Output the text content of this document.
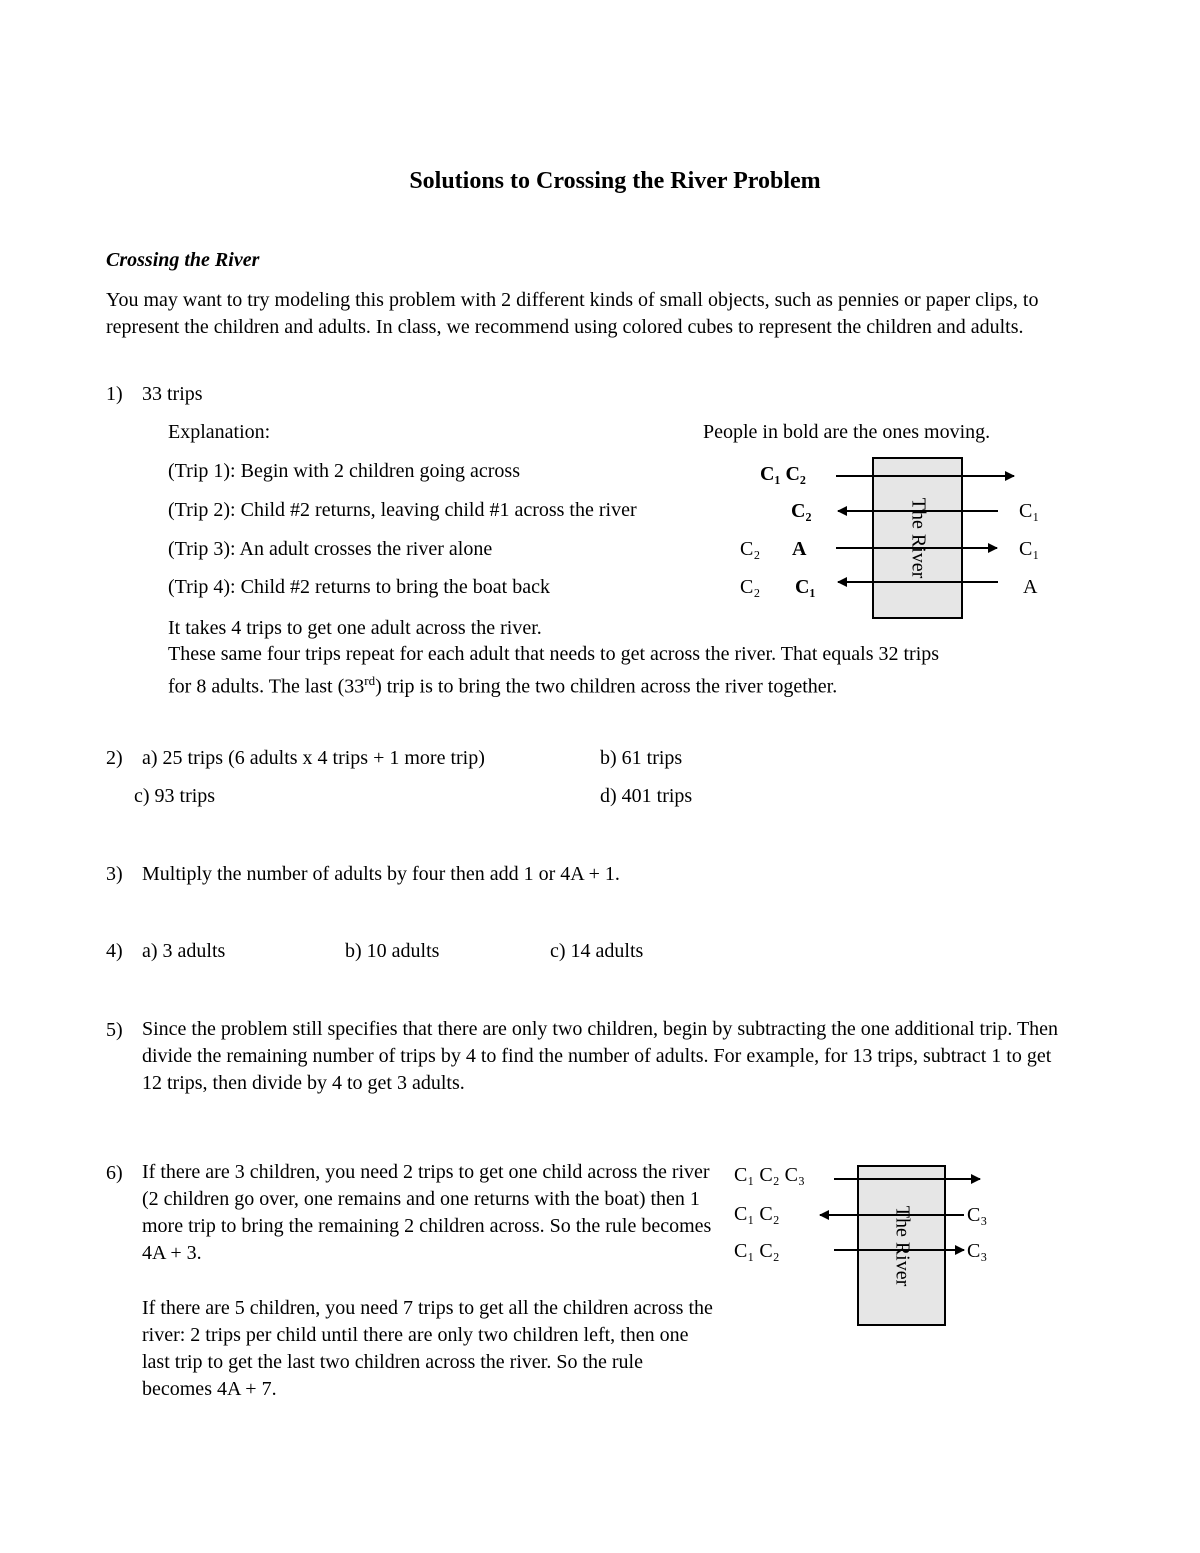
Solutions to Crossing the River Problem
Crossing the River
You may want to try modeling this problem with 2 different kinds of small objects, such as pennies or paper clips, to represent the children and adults. In class, we recommend using colored cubes to represent the children and adults.
1) 33 trips
Explanation:	People in bold are the ones moving.
(Trip 1): Begin with 2 children going across
(Trip 2): Child #2 returns, leaving child #1 across the river
(Trip 3): An adult crosses the river alone
(Trip 4): Child #2 returns to bring the boat back
The River
C₁ C₂
C₂	C₁
C₂ A	C₁
C₂ C₁	A
It takes 4 trips to get one adult across the river.
These same four trips repeat for each adult that needs to get across the river. That equals 32 trips
for 8 adults. The last (33rd) trip is to bring the two children across the river together.
2) a) 25 trips (6 adults x 4 trips + 1 more trip)	b) 61 trips
c) 93 trips	d) 401 trips
3) Multiply the number of adults by four then add 1 or 4A + 1.
4) a) 3 adults	b) 10 adults	c) 14 adults
5) Since the problem still specifies that there are only two children, begin by subtracting the one additional trip. Then divide the remaining number of trips by 4 to find the number of adults. For example, for 13 trips, subtract 1 to get 12 trips, then divide by 4 to get 3 adults.
6) If there are 3 children, you need 2 trips to get one child across the river (2 children go over, one remains and one returns with the boat) then 1 more trip to bring the remaining 2 children across. So the rule becomes 4A + 3.
If there are 5 children, you need 7 trips to get all the children across the river: 2 trips per child until there are only two children left, then one last trip to get the last two children across the river. So the rule becomes 4A + 7.
The River
C₁ C₂ C₃
C₁ C₂	C₃
C₁ C₂	C₃
